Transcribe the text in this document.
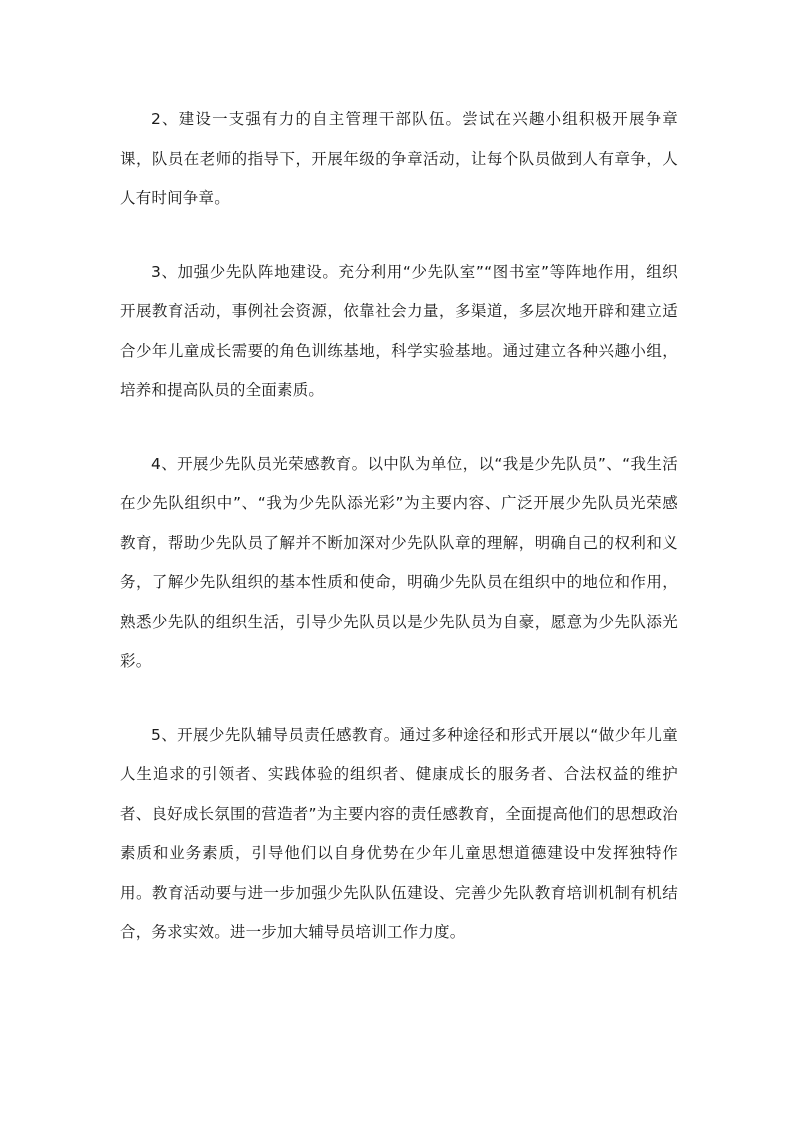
2、建设一支强有力的自主管理干部队伍。尝试在兴趣小组积极开展争章课，队员在老师的指导下，开展年级的争章活动，让每个队员做到人有章争，人人有时间争章。

3、加强少先队阵地建设。充分利用“少先队室”“图书室”等阵地作用，组织开展教育活动，事例社会资源，依靠社会力量，多渠道，多层次地开辟和建立适合少年儿童成长需要的角色训练基地，科学实验基地。通过建立各种兴趣小组，培养和提高队员的全面素质。

4、开展少先队员光荣感教育。以中队为单位，以“我是少先队员”、“我生活在少先队组织中”、“我为少先队添光彩”为主要内容、广泛开展少先队员光荣感教育，帮助少先队员了解并不断加深对少先队队章的理解，明确自己的权利和义务，了解少先队组织的基本性质和使命，明确少先队员在组织中的地位和作用，熟悉少先队的组织生活，引导少先队员以是少先队员为自豪，愿意为少先队添光彩。

5、开展少先队辅导员责任感教育。通过多种途径和形式开展以“做少年儿童人生追求的引领者、实践体验的组织者、健康成长的服务者、合法权益的维护者、良好成长氛围的营造者”为主要内容的责任感教育，全面提高他们的思想政治素质和业务素质，引导他们以自身优势在少年儿童思想道德建设中发挥独特作用。教育活动要与进一步加强少先队队伍建设、完善少先队教育培训机制有机结合，务求实效。进一步加大辅导员培训工作力度。
